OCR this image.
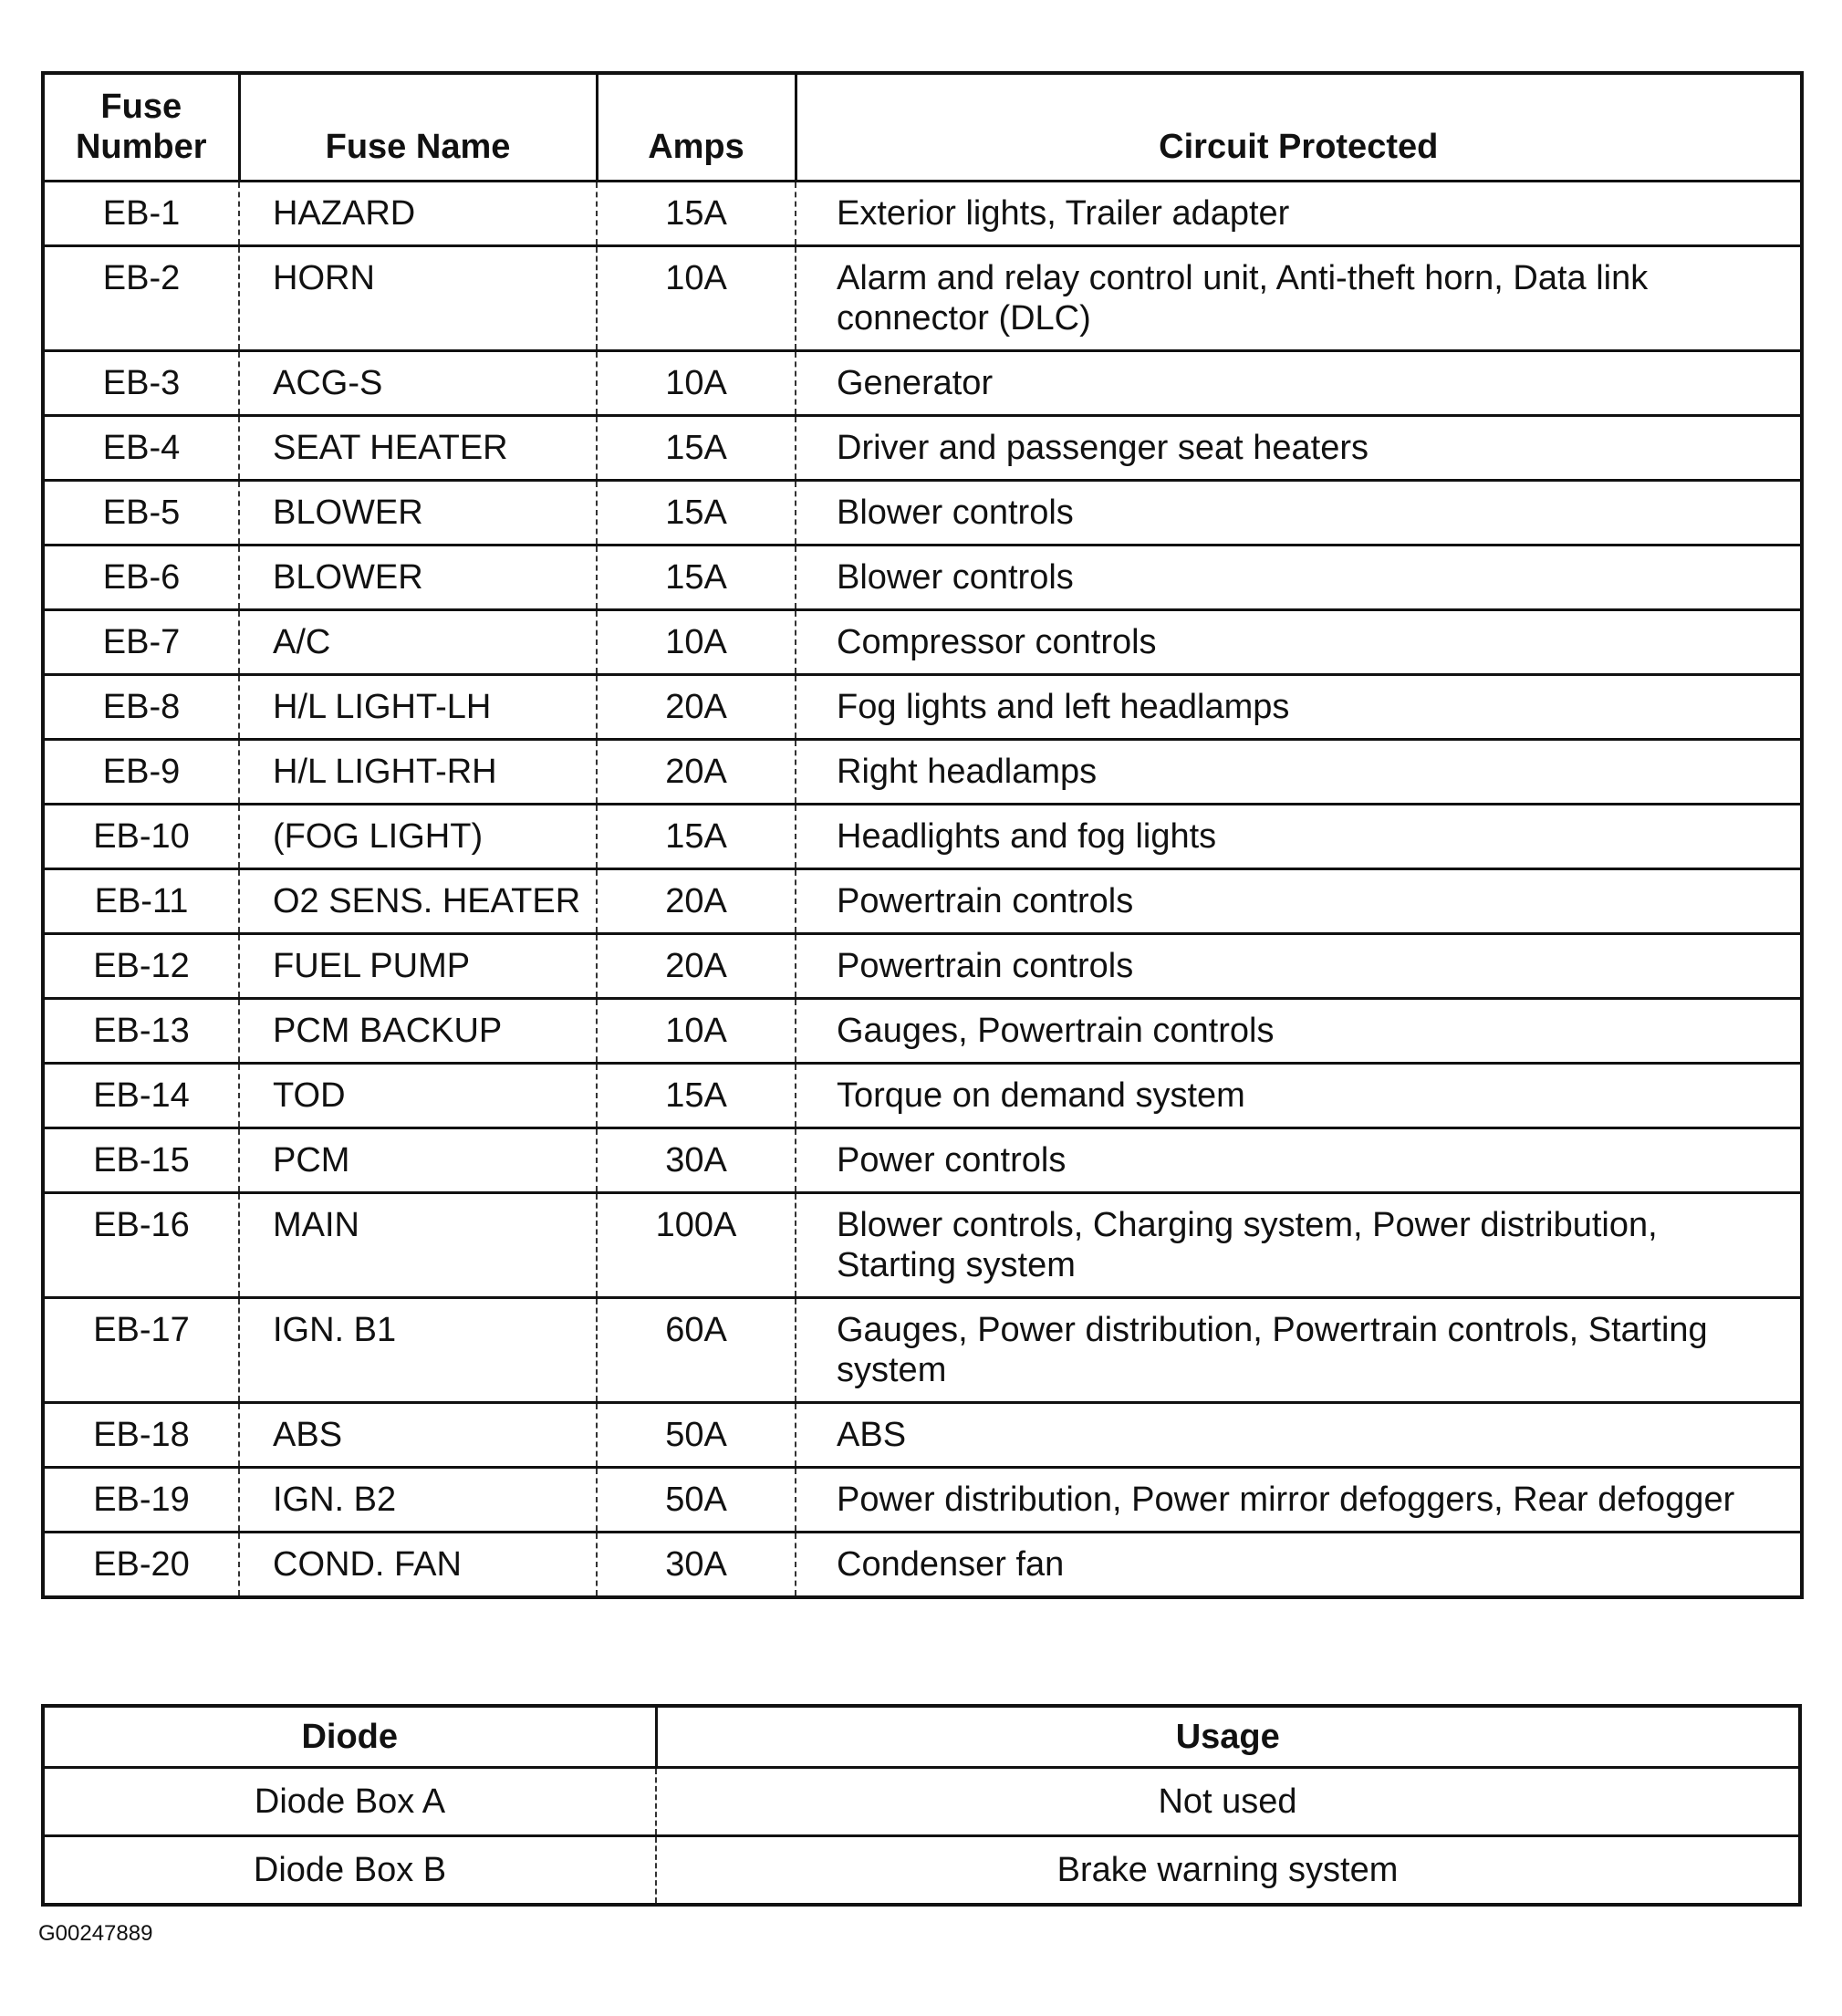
Fuse Number	Fuse Name	Amps	Circuit Protected
EB-1	HAZARD	15A	Exterior lights, Trailer adapter
EB-2	HORN	10A	Alarm and relay control unit, Anti-theft horn, Data link connector (DLC)
EB-3	ACG-S	10A	Generator
EB-4	SEAT HEATER	15A	Driver and passenger seat heaters
EB-5	BLOWER	15A	Blower controls
EB-6	BLOWER	15A	Blower controls
EB-7	A/C	10A	Compressor controls
EB-8	H/L LIGHT-LH	20A	Fog lights and left headlamps
EB-9	H/L LIGHT-RH	20A	Right headlamps
EB-10	(FOG LIGHT)	15A	Headlights and fog lights
EB-11	O2 SENS. HEATER	20A	Powertrain controls
EB-12	FUEL PUMP	20A	Powertrain controls
EB-13	PCM BACKUP	10A	Gauges, Powertrain controls
EB-14	TOD	15A	Torque on demand system
EB-15	PCM	30A	Power controls
EB-16	MAIN	100A	Blower controls, Charging system, Power distribution, Starting system
EB-17	IGN. B1	60A	Gauges, Power distribution, Powertrain controls, Starting system
EB-18	ABS	50A	ABS
EB-19	IGN. B2	50A	Power distribution, Power mirror defoggers, Rear defogger
EB-20	COND. FAN	30A	Condenser fan
Diode	Usage
Diode Box A	Not used
Diode Box B	Brake warning system
G00247889
